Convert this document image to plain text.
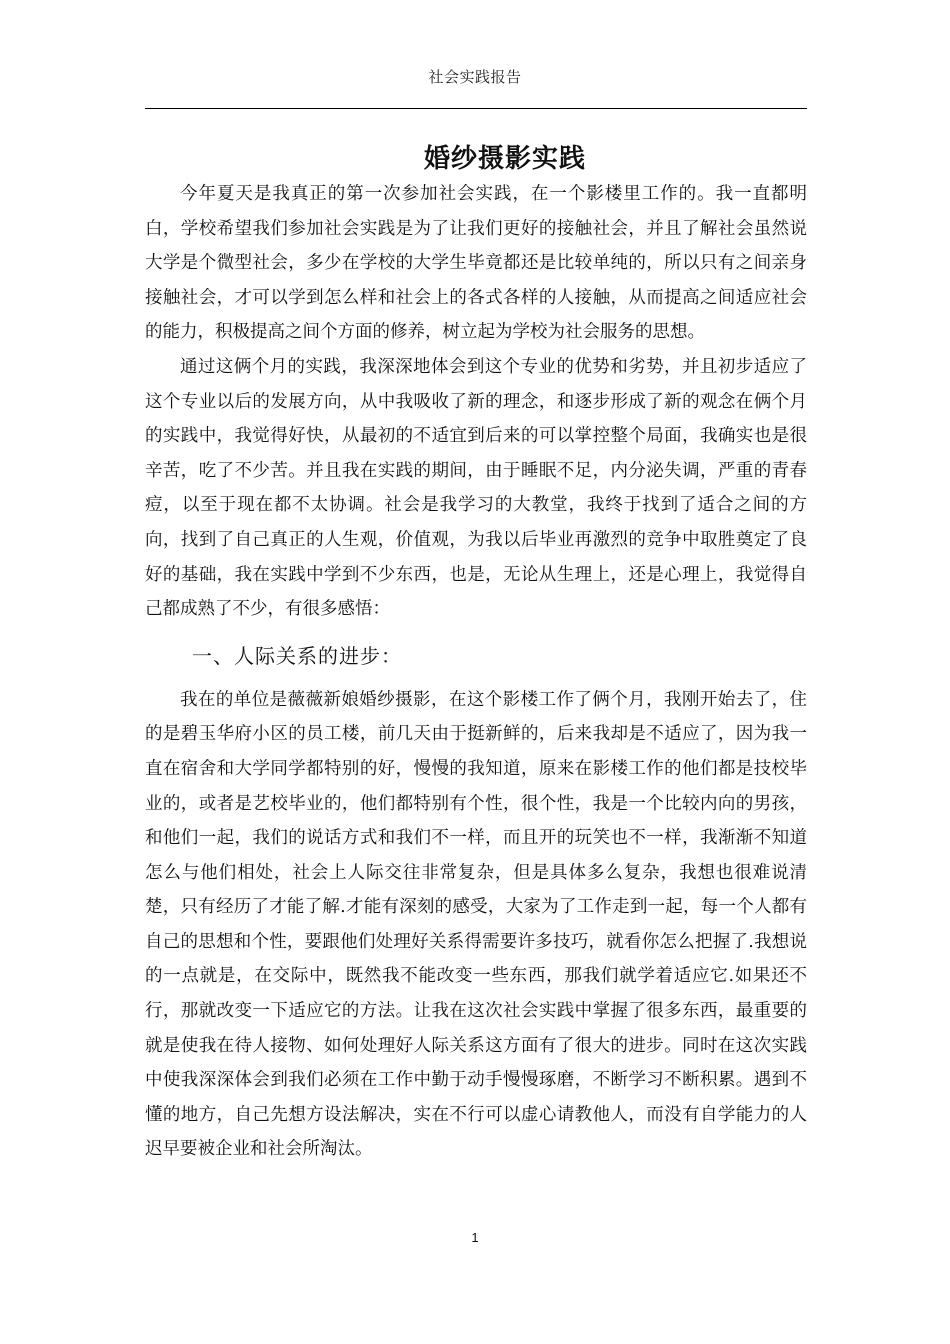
社会实践报告
婚纱摄影实践

今年夏天是我真正的第一次参加社会实践，在一个影楼里工作的。我一直都明白，学校希望我们参加社会实践是为了让我们更好的接触社会，并且了解社会虽然说大学是个微型社会，多少在学校的大学生毕竟都还是比较单纯的，所以只有之间亲身接触社会，才可以学到怎么样和社会上的各式各样的人接触，从而提高之间适应社会的能力，积极提高之间个方面的修养，树立起为学校为社会服务的思想。

通过这俩个月的实践，我深深地体会到这个专业的优势和劣势，并且初步适应了这个专业以后的发展方向，从中我吸收了新的理念，和逐步形成了新的观念在俩个月的实践中，我觉得好快，从最初的不适宜到后来的可以掌控整个局面，我确实也是很辛苦，吃了不少苦。并且我在实践的期间，由于睡眠不足，内分泌失调，严重的青春痘，以至于现在都不太协调。社会是我学习的大教堂，我终于找到了适合之间的方向，找到了自己真正的人生观，价值观，为我以后毕业再激烈的竞争中取胜奠定了良好的基础，我在实践中学到不少东西，也是，无论从生理上，还是心理上，我觉得自己都成熟了不少，有很多感悟：

一、人际关系的进步：

我在的单位是薇薇新娘婚纱摄影，在这个影楼工作了俩个月，我刚开始去了，住的是碧玉华府小区的员工楼，前几天由于挺新鲜的，后来我却是不适应了，因为我一直在宿舍和大学同学都特别的好，慢慢的我知道，原来在影楼工作的他们都是技校毕业的，或者是艺校毕业的，他们都特别有个性，很个性，我是一个比较内向的男孩，和他们一起，我们的说话方式和我们不一样，而且开的玩笑也不一样，我渐渐不知道怎么与他们相处，社会上人际交往非常复杂，但是具体多么复杂，我想也很难说清楚，只有经历了才能了解.才能有深刻的感受，大家为了工作走到一起，每一个人都有自己的思想和个性，要跟他们处理好关系得需要许多技巧，就看你怎么把握了.我想说的一点就是，在交际中，既然我不能改变一些东西，那我们就学着适应它.如果还不行，那就改变一下适应它的方法。让我在这次社会实践中掌握了很多东西，最重要的就是使我在待人接物、如何处理好人际关系这方面有了很大的进步。同时在这次实践中使我深深体会到我们必须在工作中勤于动手慢慢琢磨，不断学习不断积累。遇到不懂的地方，自己先想方设法解决，实在不行可以虚心请教他人，而没有自学能力的人迟早要被企业和社会所淘汰。

1
